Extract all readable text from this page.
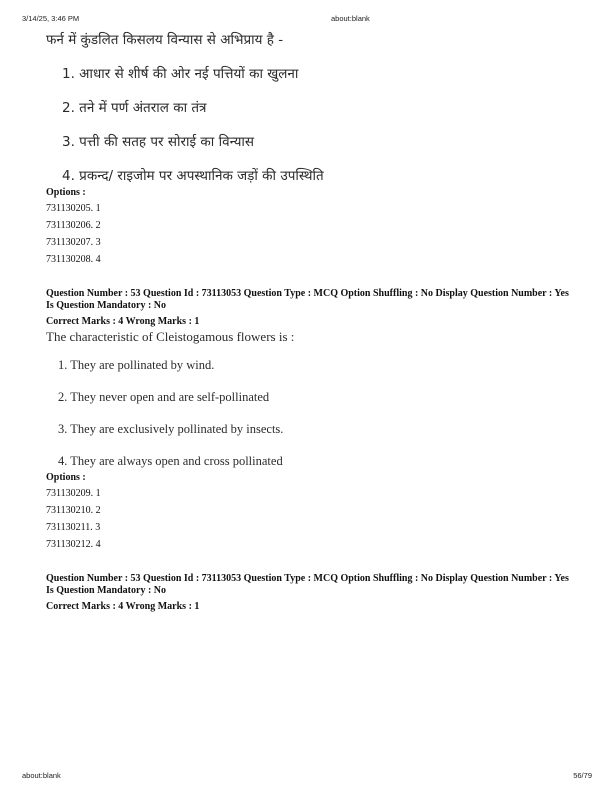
3/14/25, 3:46 PM	about:blank
फर्न में कुंडलित किसलय विन्यास से अभिप्राय है -
1. आधार से शीर्ष की ओर नई पत्तियों का खुलना
2. तने में पर्ण अंतराल का तंत्र
3. पत्ती की सतह पर सोराई का विन्यास
4. प्रकन्द/ राइजोम पर अपस्थानिक जड़ों की उपस्थिति
Options :
731130205. 1
731130206. 2
731130207. 3
731130208. 4
Question Number : 53 Question Id : 73113053 Question Type : MCQ Option Shuffling : No Display Question Number : Yes Is Question Mandatory : No
Correct Marks : 4 Wrong Marks : 1
The characteristic of Cleistogamous flowers is :
1. They are pollinated by wind.
2. They never open and are self-pollinated
3. They are exclusively pollinated by insects.
4. They are always open and cross pollinated
Options :
731130209. 1
731130210. 2
731130211. 3
731130212. 4
Question Number : 53 Question Id : 73113053 Question Type : MCQ Option Shuffling : No Display Question Number : Yes Is Question Mandatory : No
Correct Marks : 4 Wrong Marks : 1
about:blank	56/79
